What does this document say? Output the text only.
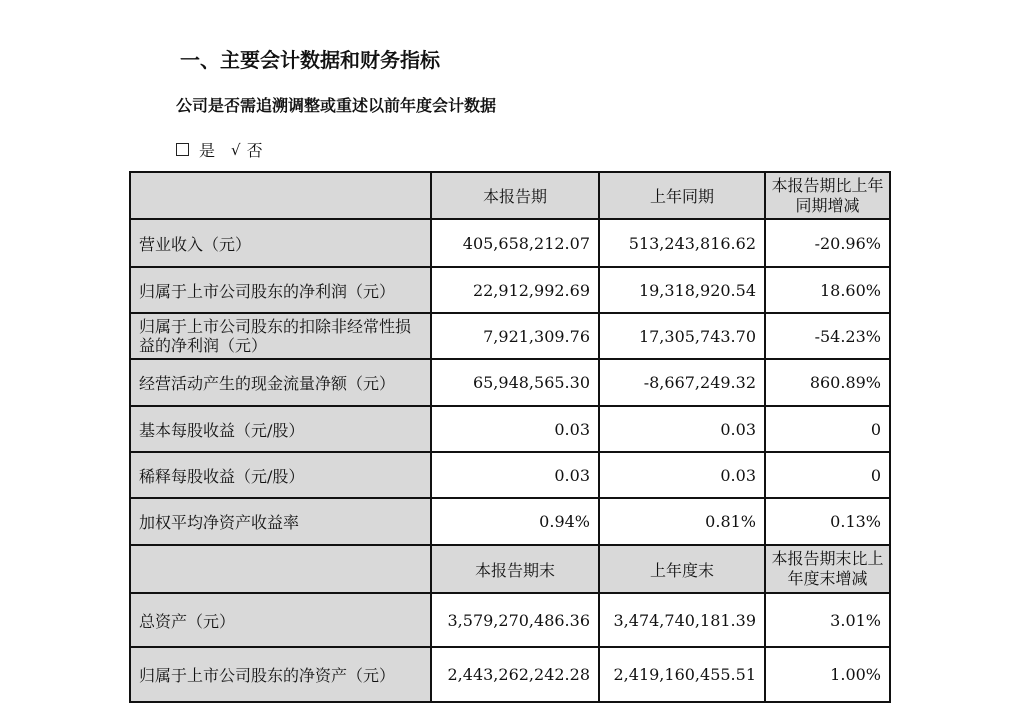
一、主要会计数据和财务指标
公司是否需追溯调整或重述以前年度会计数据
是 √ 否
	本报告期	上年同期	本报告期比上年同期增减
营业收入（元）	405,658,212.07	513,243,816.62	-20.96%
归属于上市公司股东的净利润（元）	22,912,992.69	19,318,920.54	18.60%
归属于上市公司股东的扣除非经常性损益的净利润（元）	7,921,309.76	17,305,743.70	-54.23%
经营活动产生的现金流量净额（元）	65,948,565.30	-8,667,249.32	860.89%
基本每股收益（元/股）	0.03	0.03	0
稀释每股收益（元/股）	0.03	0.03	0
加权平均净资产收益率	0.94%	0.81%	0.13%
	本报告期末	上年度末	本报告期末比上年度末增减
总资产（元）	3,579,270,486.36	3,474,740,181.39	3.01%
归属于上市公司股东的净资产（元）	2,443,262,242.28	2,419,160,455.51	1.00%
